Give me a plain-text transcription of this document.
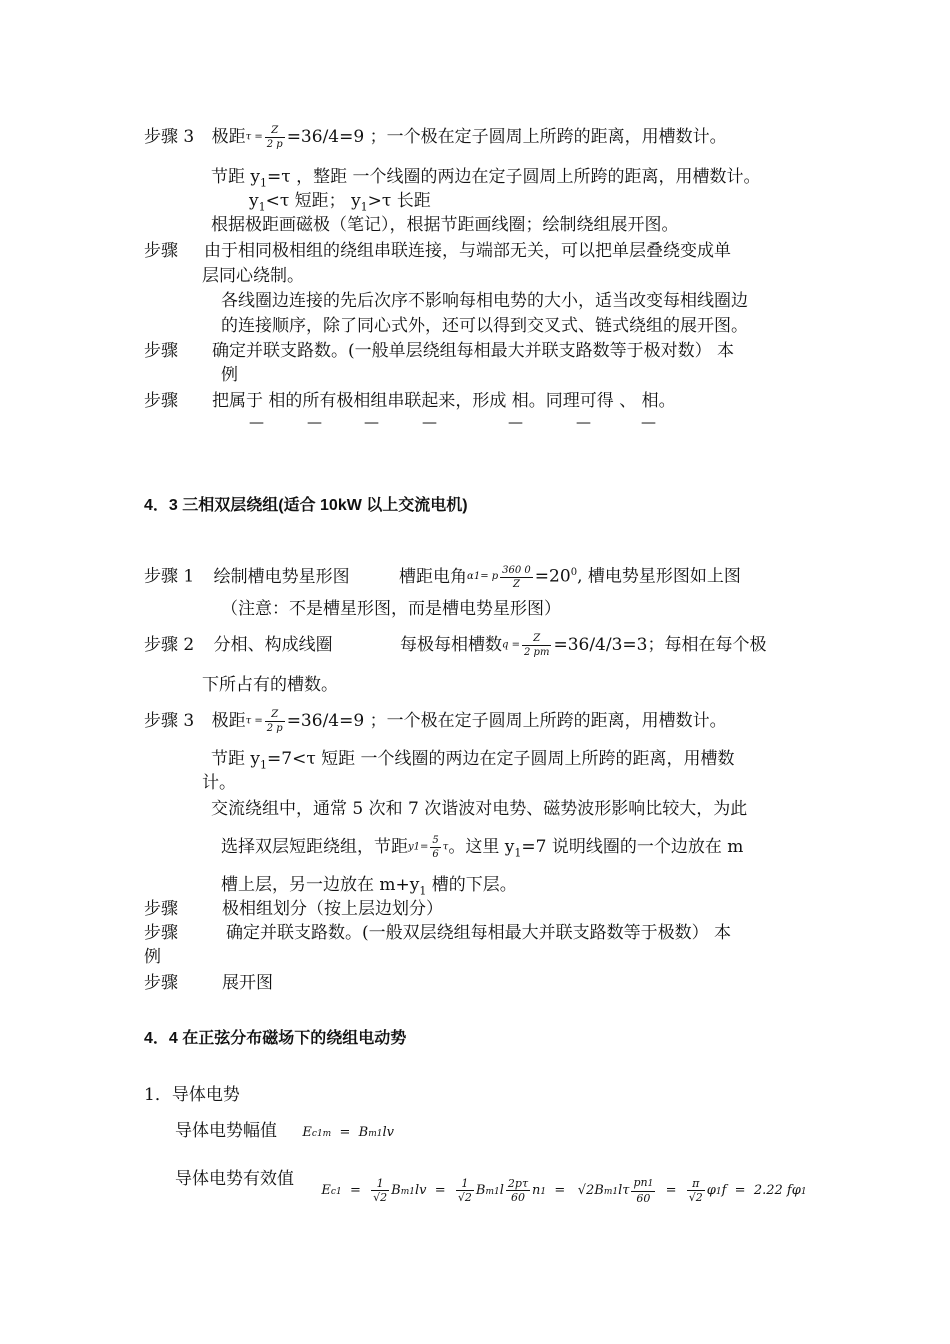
步骤 3 极距$\tau = \frac{Z}{2 p} =36/4=9$ ；一个极在定子圆周上所跨的距离，用槽数计。
节距 $y_1=\tau$ ，整距 一个线圈的两边在定子圆周上所跨的距离，用槽数计。
$y_1<\tau$ 短距； $y_1>\tau$ 长距
根据极距画磁极（笔记），根据节距画线圈；绘制绕组展开图。
步骤 由于相同极相组的绕组串联连接，与端部无关，可以把单层叠绕变成单
层同心绕制。
各线圈边连接的先后次序不影响每相电势的大小，适当改变每相线圈边
的连接顺序，除了同心式外，还可以得到交叉式、链式绕组的展开图。
步骤 确定并联支路数。(一般单层绕组每相最大并联支路数等于极对数） 本
例
步骤 把属于 相的所有极相组串联起来，形成 相。同理可得 、 相。
—	—	—	—	—	—	—
4．3 三相双层绕组(适合 10kW 以上交流电机)
步骤 1 绘制槽电势星形图	槽距电角α1= p $\frac{360 0}{Z} =20^0$, 槽电势星形图如上图
（注意：不是槽星形图，而是槽电势星形图）
步骤 2 分相、构成线圈	每极每相槽数$q = \frac{Z}{2 pm} =36/4/3=3$；每相在每个极
下所占有的槽数。
步骤 3 极距$\tau = \frac{Z}{2 p} =36/4=9$ ；一个极在定子圆周上所跨的距离，用槽数计。
节距 $y_1=7<\tau$ 短距 一个线圈的两边在定子圆周上所跨的距离，用槽数
计。
交流绕组中，通常 5 次和 7 次谐波对电势、磁势波形影响比较大，为此
选择双层短距绕组，节距$y1= \frac{5}{6}$ τ。这里 $y_1=7$ 说明线圈的一个边放在 m
槽上层，另一边放在 $m+y_1$ 槽的下层。
步骤	极相组划分（按上层边划分）
步骤	确定并联支路数。(一般双层绕组每相最大并联支路数等于极数） 本
例
步骤	展开图
4．4 在正弦分布磁场下的绕组电动势
1．导体电势
导体电势幅值 Ec1m  =  Bm1lv
导体电势有效值 $_{Ec1 = \frac{1}{√2} Bm1lv = \frac{1}{√2} Bm1l \frac{2p\tau}{60} n1 = √2Bm1l\tau \frac{pn1}{60} = \frac{\pi}{√2} \varphi 1f = 2.22 f\varphi 1}$
